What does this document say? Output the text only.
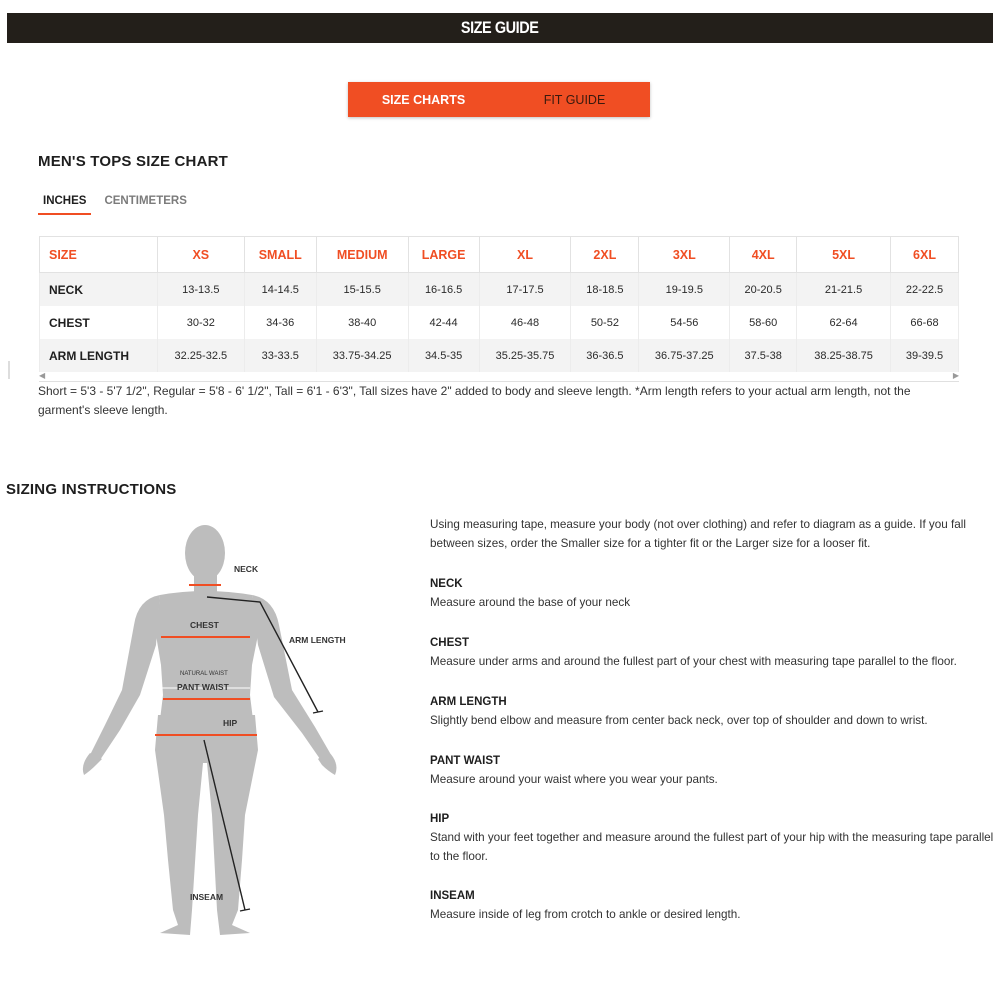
SIZE GUIDE
SIZE CHARTS	FIT GUIDE
MEN'S TOPS SIZE CHART
INCHES	CENTIMETERS
SIZE	XS	SMALL	MEDIUM	LARGE	XL	2XL	3XL	4XL	5XL	6XL
NECK	13-13.5	14-14.5	15-15.5	16-16.5	17-17.5	18-18.5	19-19.5	20-20.5	21-21.5	22-22.5
CHEST	30-32	34-36	38-40	42-44	46-48	50-52	54-56	58-60	62-64	66-68
ARM LENGTH	32.25-32.5	33-33.5	33.75-34.25	34.5-35	35.25-35.75	36-36.5	36.75-37.25	37.5-38	38.25-38.75	39-39.5
◀	▶
Short = 5'3 - 5'7 1/2", Regular = 5'8 - 6' 1/2", Tall = 6'1 - 6'3", Tall sizes have 2" added to body and sleeve length. *Arm length refers to your actual arm length, not the garment's sleeve length.
SIZING INSTRUCTIONS
NECK
CHEST
ARM LENGTH
NATURAL WAIST
PANT WAIST
HIP
INSEAM
Using measuring tape, measure your body (not over clothing) and refer to diagram as a guide. If you fall between sizes, order the Smaller size for a tighter fit or the Larger size for a looser fit.
NECK
Measure around the base of your neck
CHEST
Measure under arms and around the fullest part of your chest with measuring tape parallel to the floor.
ARM LENGTH
Slightly bend elbow and measure from center back neck, over top of shoulder and down to wrist.
PANT WAIST
Measure around your waist where you wear your pants.
HIP
Stand with your feet together and measure around the fullest part of your hip with the measuring tape parallel to the floor.
INSEAM
Measure inside of leg from crotch to ankle or desired length.
